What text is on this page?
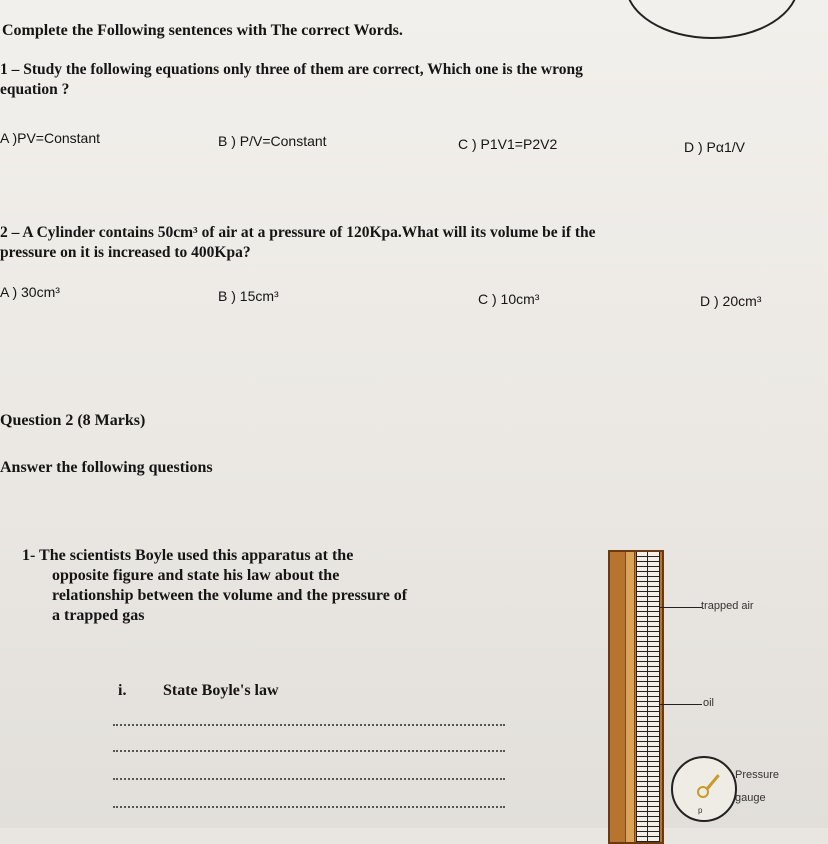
Complete the Following sentences with The correct Words.
1 – Study the following equations only three of them are correct, Which one is the wrong
equation ?
A )PV=Constant	B ) P/V=Constant	C ) P1V1=P2V2	D ) Pα1/V
2 – A Cylinder contains 50cm³ of air at a pressure of 120Kpa.What will its volume be if the
pressure on it is increased to 400Kpa?
A ) 30cm³	B ) 15cm³	C ) 10cm³	D ) 20cm³
Question 2 (8 Marks)
Answer the following questions
1- The scientists Boyle used this apparatus at the
opposite figure and state his law about the
relationship between the volume and the pressure of
a trapped gas
i. State Boyle's law
trapped air
oil
p
Pressure
gauge
